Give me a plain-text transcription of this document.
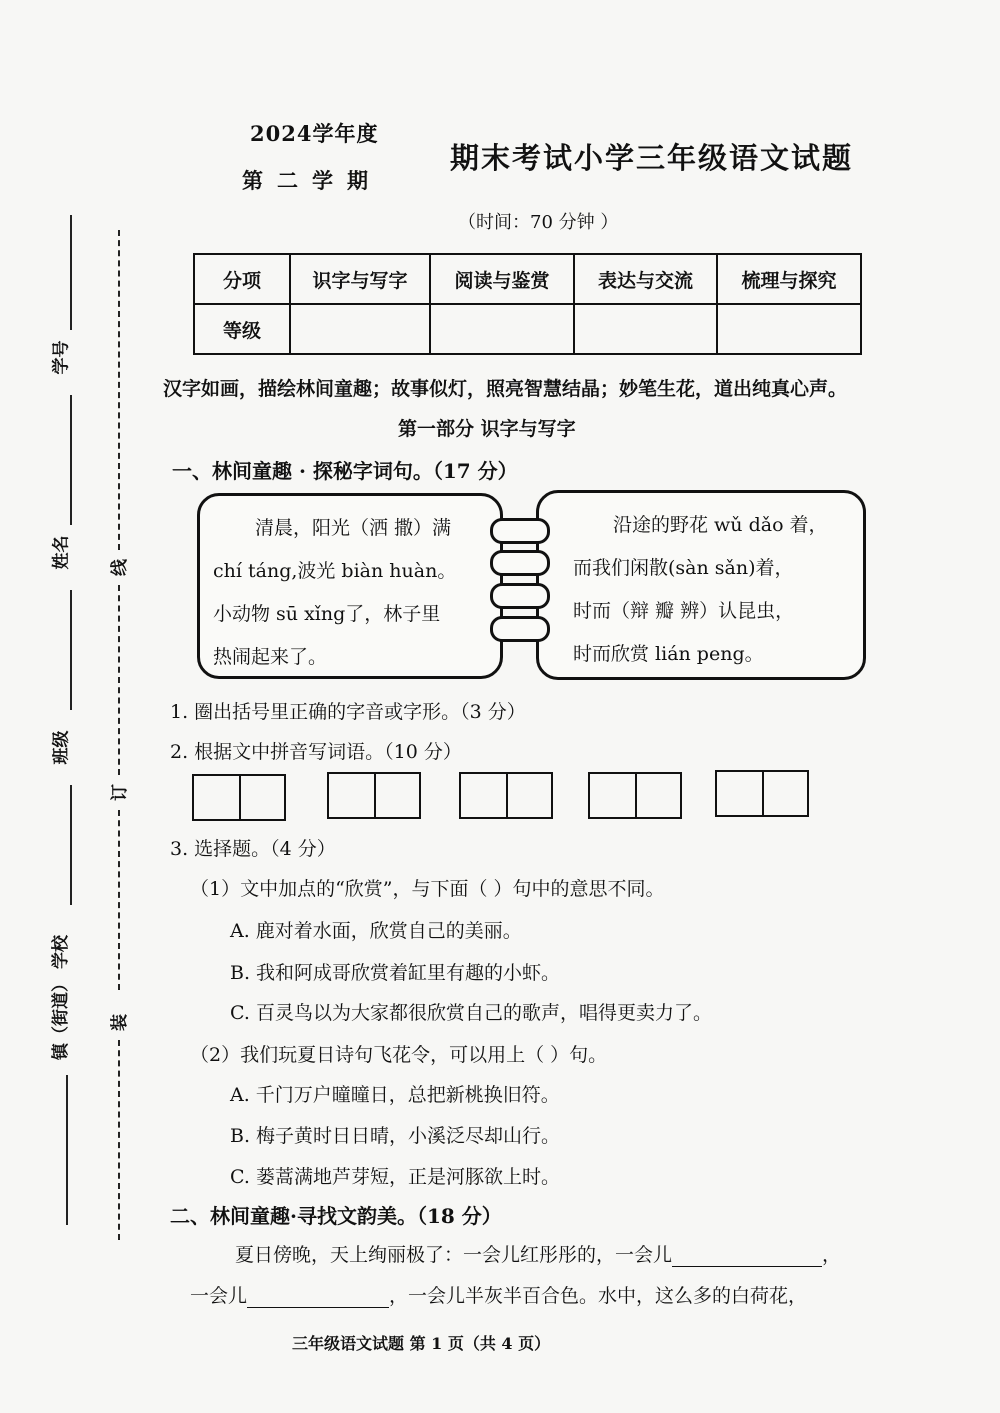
2024学年度
第二学期
期末考试小学三年级语文试题
（时间：70 分钟 ）
分项	识字与写字	阅读与鉴赏	表达与交流	梳理与探究
等级				
学号
姓名
班级
镇（街道） 学校
线
订
装
汉字如画，描绘林间童趣；故事似灯，照亮智慧结晶；妙笔生花，道出纯真心声。
第一部分 识字与写字
一、林间童趣 · 探秘字词句。（17 分）
清晨，阳光（洒 撒）满
chí táng,波光 biàn huàn。
小动物 sū xǐng了，林子里
热闹起来了。
沿途的野花 wǔ dǎo 着，
而我们闲散(sàn sǎn)着，
时而（辩 瓣 辨）认昆虫，
时而欣赏 lián peng。
1. 圈出括号里正确的字音或字形。（3 分）
2. 根据文中拼音写词语。（10 分）
3. 选择题。（4 分）
（1）文中加点的“欣赏”，与下面（ ）句中的意思不同。
A. 鹿对着水面，欣赏自己的美丽。
B. 我和阿成哥欣赏着缸里有趣的小虾。
C. 百灵鸟以为大家都很欣赏自己的歌声，唱得更卖力了。
（2）我们玩夏日诗句飞花令，可以用上（ ）句。
A. 千门万户曈曈日，总把新桃换旧符。
B. 梅子黄时日日晴，小溪泛尽却山行。
C. 蒌蒿满地芦芽短，正是河豚欲上时。
二、林间童趣·寻找文韵美。（18 分）
夏日傍晚，天上绚丽极了：一会儿红彤彤的，一会儿	，
一会儿	，一会儿半灰半百合色。水中，这么多的白荷花，
三年级语文试题 第 1 页（共 4 页）
